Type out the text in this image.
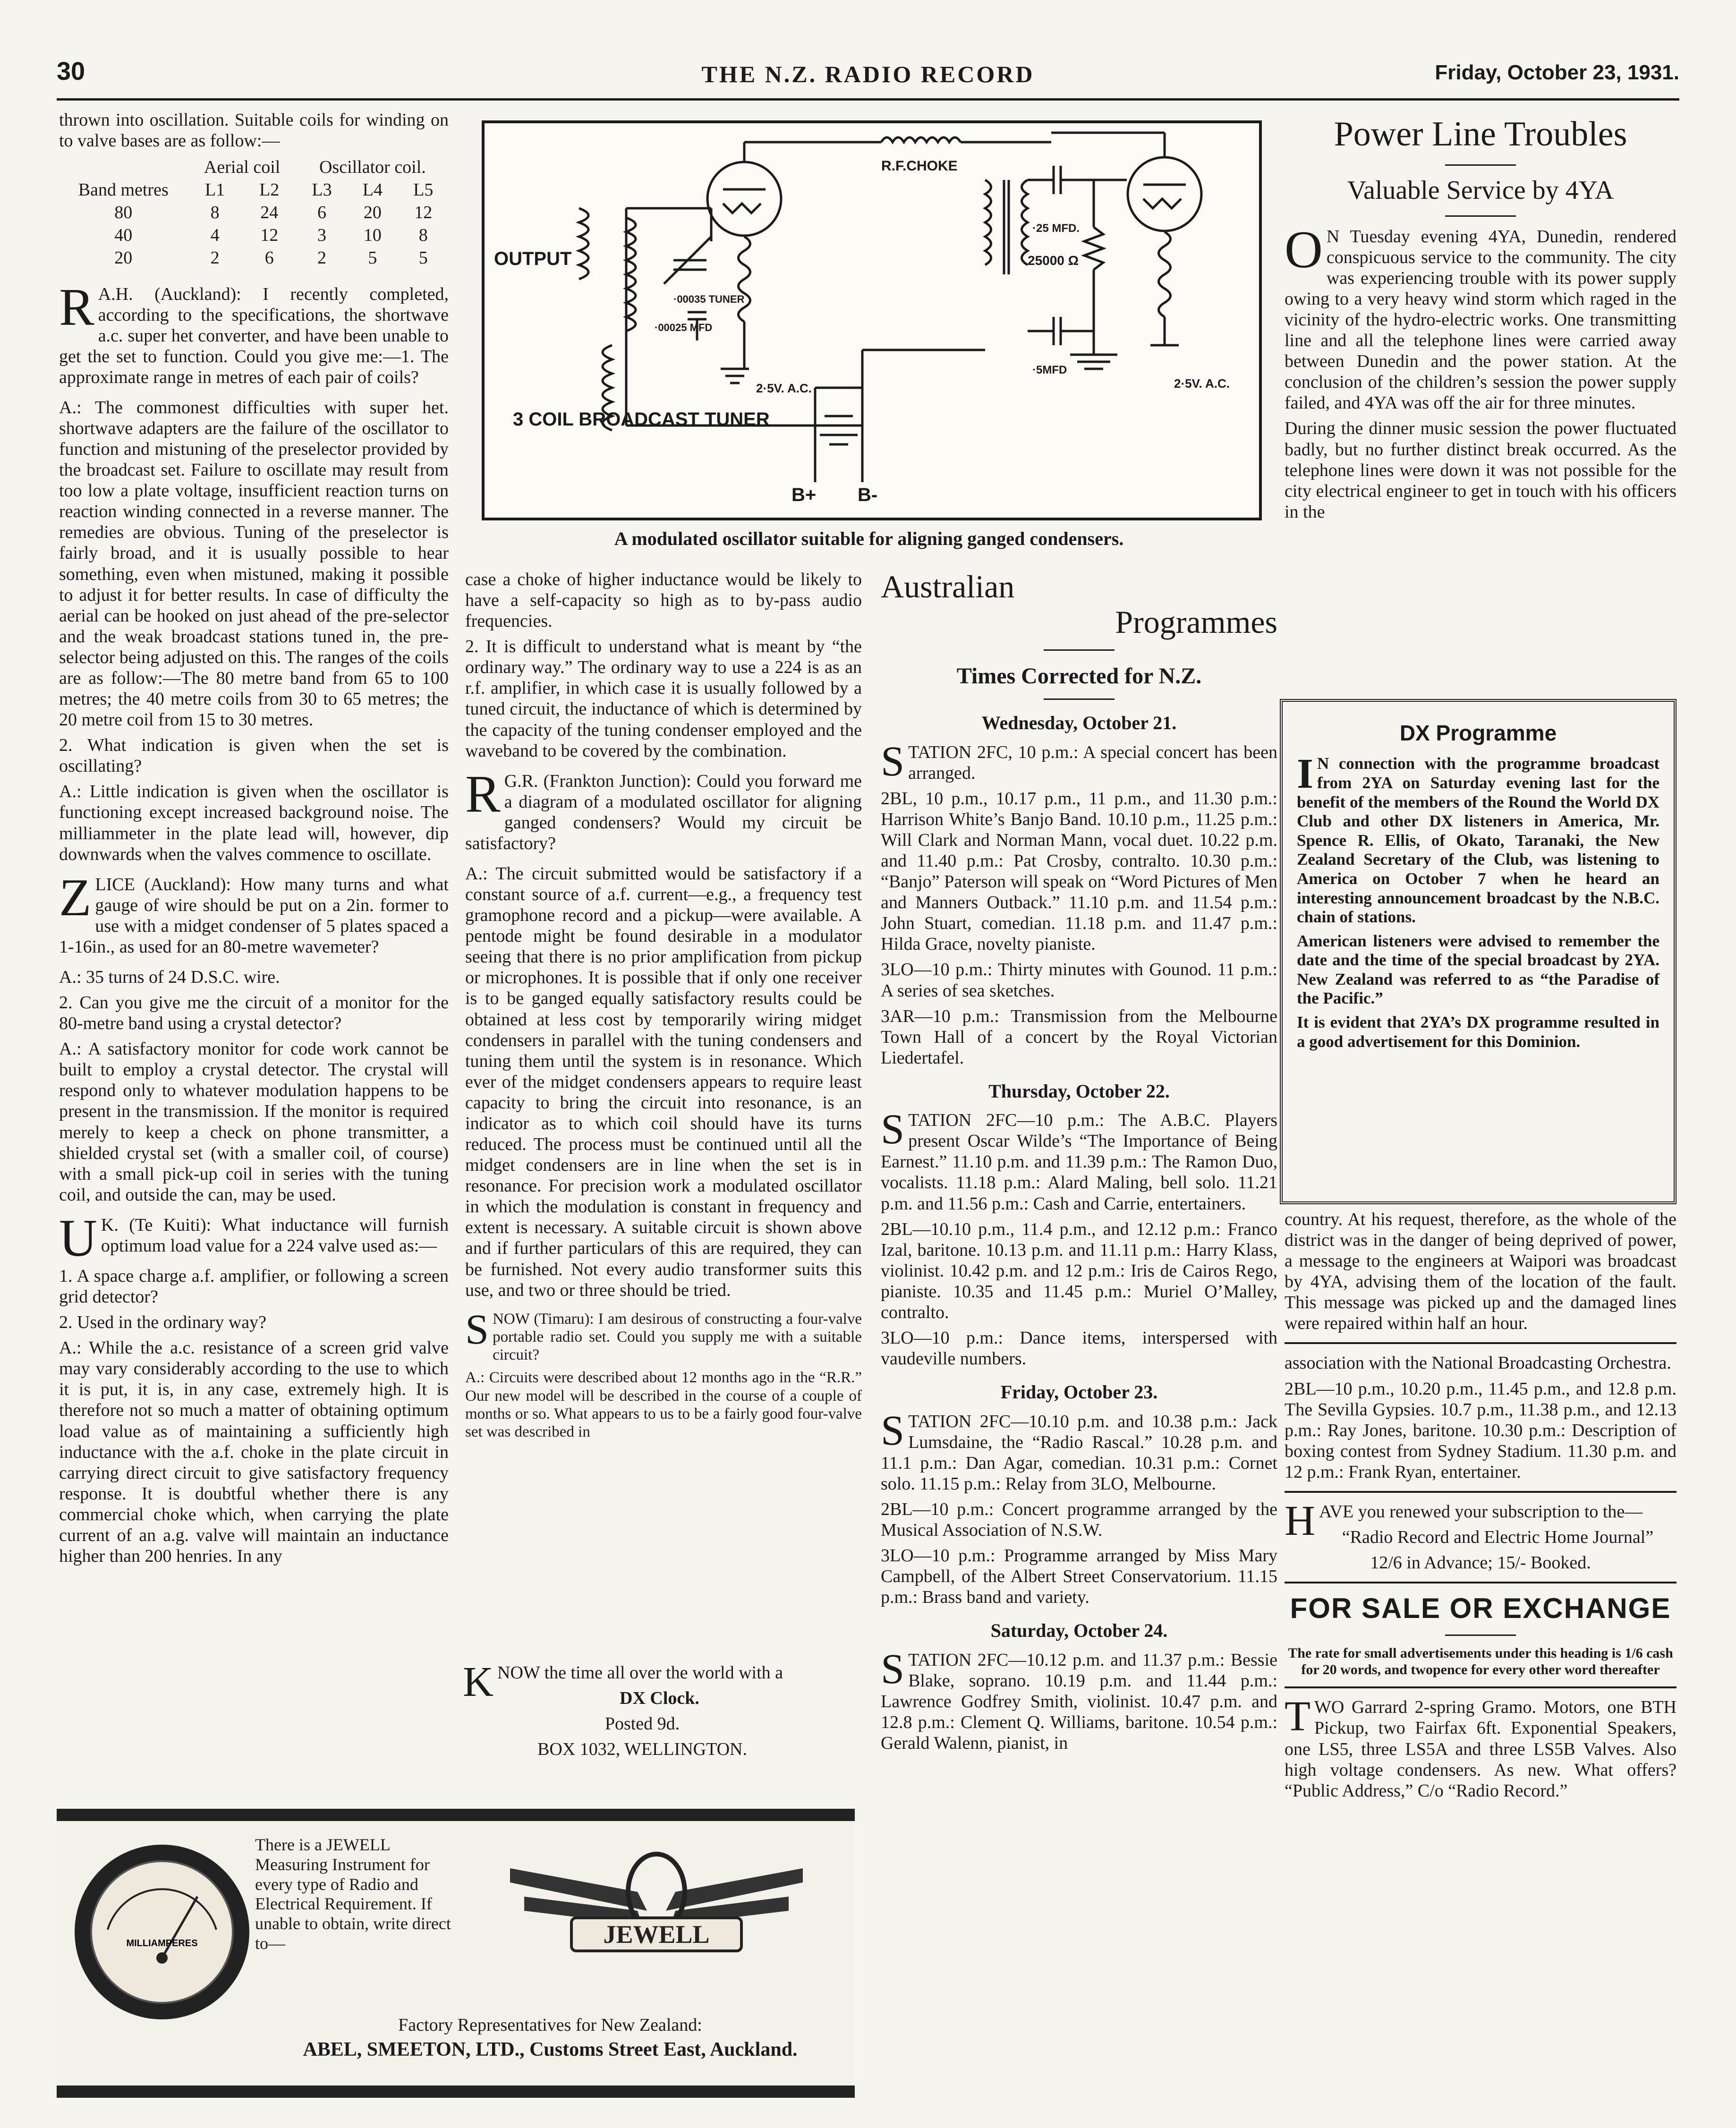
30	THE N.Z. RADIO RECORD	Friday, October 23, 1931.

thrown into oscillation. Suitable coils for winding on to valve bases are as follow:—

	Aerial coil		Oscillator coil.		
Band metres	L1	L2	L3	L4	L5
80	8	24	6	20	12
40	4	12	3	10	8
20	2	6	2	5	5

R A.H. (Auckland): I recently completed, according to the specifications, the shortwave a.c. super het converter, and have been unable to get the set to function. Could you give me:—1. The approximate range in metres of each pair of coils?

A.: The commonest difficulties with super het. shortwave adapters are the failure of the oscillator to function and mistuning of the preselector provided by the broadcast set. Failure to oscillate may result from too low a plate voltage, insufficient reaction turns on reaction winding connected in a reverse manner. The remedies are obvious. Tuning of the preselector is fairly broad, and it is usually possible to hear something, even when mistuned, making it possible to adjust it for better results. In case of difficulty the aerial can be hooked on just ahead of the pre-selector and the weak broadcast stations tuned in, the pre-selector being adjusted on this. The ranges of the coils are as follow:—The 80 metre band from 65 to 100 metres; the 40 metre coils from 30 to 65 metres; the 20 metre coil from 15 to 30 metres.

2. What indication is given when the set is oscillating?

A.: Little indication is given when the oscillator is functioning except increased background noise. The milliammeter in the plate lead will, however, dip downwards when the valves commence to oscillate.

ZLICE (Auckland): How many turns and what gauge of wire should be put on a 2in. former to use with a midget condenser of 5 plates spaced a 1-16in., as used for an 80-metre wavemeter?

A.: 35 turns of 24 D.S.C. wire.

2. Can you give me the circuit of a monitor for the 80-metre band using a crystal detector?

A.: A satisfactory monitor for code work cannot be built to employ a crystal detector. The crystal will respond only to whatever modulation happens to be present in the transmission. If the monitor is required merely to keep a check on phone transmitter, a shielded crystal set (with a smaller coil, of course) with a small pick-up coil in series with the tuning coil, and outside the can, may be used.

U K. (Te Kuiti): What inductance will furnish optimum load value for a 224 valve used as:—

1. A space charge a.f. amplifier, or following a screen grid detector?

2. Used in the ordinary way?

A.: While the a.c. resistance of a screen grid valve may vary considerably according to the use to which it is put, it is, in any case, extremely high. It is therefore not so much a matter of obtaining optimum load value as of maintaining a sufficiently high inductance with the a.f. choke in the plate circuit in carrying direct circuit to give satisfactory frequency response. It is doubtful whether there is any commercial choke which, when carrying the plate current of an a.g. valve will maintain an inductance higher than 200 henries. In any

R.F.CHOKE
OUTPUT
·00035 TUNER
·00025 MFD
2·5V. A.C.
3 COIL BROADCAST TUNER
·25 MFD.
25000 Ω
·5MFD
2·5V. A.C.
B+ B-
A modulated oscillator suitable for aligning ganged condensers.

case a choke of higher inductance would be likely to have a self-capacity so high as to by-pass audio frequencies.

2. It is difficult to understand what is meant by “the ordinary way.” The ordinary way to use a 224 is as an r.f. amplifier, in which case it is usually followed by a tuned circuit, the inductance of which is determined by the capacity of the tuning condenser employed and the waveband to be covered by the combination.

R G.R. (Frankton Junction): Could you forward me a diagram of a modulated oscillator for aligning ganged condensers? Would my circuit be satisfactory?

A.: The circuit submitted would be satisfactory if a constant source of a.f. current—e.g., a frequency test gramophone record and a pickup—were available. A pentode might be found desirable in a modulator seeing that there is no prior amplification from pickup or microphones. It is possible that if only one receiver is to be ganged equally satisfactory results could be obtained at less cost by temporarily wiring midget condensers in parallel with the tuning condensers and tuning them until the system is in resonance. Which ever of the midget condensers appears to require least capacity to bring the circuit into resonance, is an indicator as to which coil should have its turns reduced. The process must be continued until all the midget condensers are in line when the set is in resonance. For precision work a modulated oscillator in which the modulation is constant in frequency and extent is necessary. A suitable circuit is shown above and if further particulars of this are required, they can be furnished. Not every audio transformer suits this use, and two or three should be tried.

SNOW (Timaru): I am desirous of constructing a four-valve portable radio set. Could you supply me with a suitable circuit?

A.: Circuits were described about 12 months ago in the “R.R.” Our new model will be described in the course of a couple of months or so. What appears to us to be a fairly good four-valve set was described in

KNOW the time all over the world with a

DX Clock.

Posted 9d.

BOX 1032, WELLINGTON.

Australian
Programmes
Times Corrected for N.Z.
Wednesday, October 21.

STATION 2FC, 10 p.m.: A special concert has been arranged.

2BL, 10 p.m., 10.17 p.m., 11 p.m., and 11.30 p.m.: Harrison White’s Banjo Band. 10.10 p.m., 11.25 p.m.: Will Clark and Norman Mann, vocal duet. 10.22 p.m. and 11.40 p.m.: Pat Crosby, contralto. 10.30 p.m.: “Banjo” Paterson will speak on “Word Pictures of Men and Manners Outback.” 11.10 p.m. and 11.54 p.m.: John Stuart, comedian. 11.18 p.m. and 11.47 p.m.: Hilda Grace, novelty pianiste.

3LO—10 p.m.: Thirty minutes with Gounod. 11 p.m.: A series of sea sketches.

3AR—10 p.m.: Transmission from the Melbourne Town Hall of a concert by the Royal Victorian Liedertafel.

Thursday, October 22.

STATION 2FC—10 p.m.: The A.B.C. Players present Oscar Wilde’s “The Importance of Being Earnest.” 11.10 p.m. and 11.39 p.m.: The Ramon Duo, vocalists. 11.18 p.m.: Alard Maling, bell solo. 11.21 p.m. and 11.56 p.m.: Cash and Carrie, entertainers.

2BL—10.10 p.m., 11.4 p.m., and 12.12 p.m.: Franco Izal, baritone. 10.13 p.m. and 11.11 p.m.: Harry Klass, violinist. 10.42 p.m. and 12 p.m.: Iris de Cairos Rego, pianiste. 10.35 and 11.45 p.m.: Muriel O’Malley, contralto.

3LO—10 p.m.: Dance items, interspersed with vaudeville numbers.

Friday, October 23.

STATION 2FC—10.10 p.m. and 10.38 p.m.: Jack Lumsdaine, the “Radio Rascal.” 10.28 p.m. and 11.1 p.m.: Dan Agar, comedian. 10.31 p.m.: Cornet solo. 11.15 p.m.: Relay from 3LO, Melbourne.

2BL—10 p.m.: Concert programme arranged by the Musical Association of N.S.W.

3LO—10 p.m.: Programme arranged by Miss Mary Campbell, of the Albert Street Conservatorium. 11.15 p.m.: Brass band and variety.

Saturday, October 24.

STATION 2FC—10.12 p.m. and 11.37 p.m.: Bessie Blake, soprano. 10.19 p.m. and 11.44 p.m.: Lawrence Godfrey Smith, violinist. 10.47 p.m. and 12.8 p.m.: Clement Q. Williams, baritone. 10.54 p.m.: Gerald Walenn, pianist, in

Power Line Troubles
Valuable Service by 4YA

O N Tuesday evening 4YA, Dunedin, rendered conspicuous service to the community. The city was experiencing trouble with its power supply owing to a very heavy wind storm which raged in the vicinity of the hydro-electric works. One transmitting line and all the telephone lines were carried away between Dunedin and the power station. At the conclusion of the children’s session the power supply failed, and 4YA was off the air for three minutes.

During the dinner music session the power fluctuated badly, but no further distinct break occurred. As the telephone lines were down it was not possible for the city electrical engineer to get in touch with his officers in the

DX Programme

I N connection with the programme broadcast from 2YA on Saturday evening last for the benefit of the members of the Round the World DX Club and other DX listeners in America, Mr. Spence R. Ellis, of Okato, Taranaki, the New Zealand Secretary of the Club, was listening to America on October 7 when he heard an interesting announcement broadcast by the N.B.C. chain of stations.

American listeners were advised to remember the date and the time of the special broadcast by 2YA. New Zealand was referred to as “the Paradise of the Pacific.”

It is evident that 2YA’s DX programme resulted in a good advertisement for this Dominion.

country. At his request, therefore, as the whole of the district was in the danger of being deprived of power, a message to the engineers at Waipori was broadcast by 4YA, advising them of the location of the fault. This message was picked up and the damaged lines were repaired within half an hour.

association with the National Broadcasting Orchestra.

2BL—10 p.m., 10.20 p.m., 11.45 p.m., and 12.8 p.m. The Sevilla Gypsies. 10.7 p.m., 11.38 p.m., and 12.13 p.m.: Ray Jones, baritone. 10.30 p.m.: Description of boxing contest from Sydney Stadium. 11.30 p.m. and 12 p.m.: Frank Ryan, entertainer.

HAVE you renewed your subscription to the—

“Radio Record and Electric Home Journal”

12/6 in Advance; 15/- Booked.

FOR SALE OR EXCHANGE

The rate for small advertisements under this heading is 1/6 cash for 20 words, and twopence for every other word thereafter

TWO Garrard 2-spring Gramo. Motors, one BTH Pickup, two Fairfax 6ft. Exponential Speakers, one LS5, three LS5A and three LS5B Valves. Also high voltage condensers. As new. What offers? “Public Address,” C/o “Radio Record.”

MILLIAMPERES
There is a JEWELL Measuring Instrument for every type of Radio and Electrical Requirement. If unable to obtain, write direct to—	JEWELL
Factory Representatives for New Zealand:
ABEL, SMEETON, LTD., Customs Street East, Auckland.
